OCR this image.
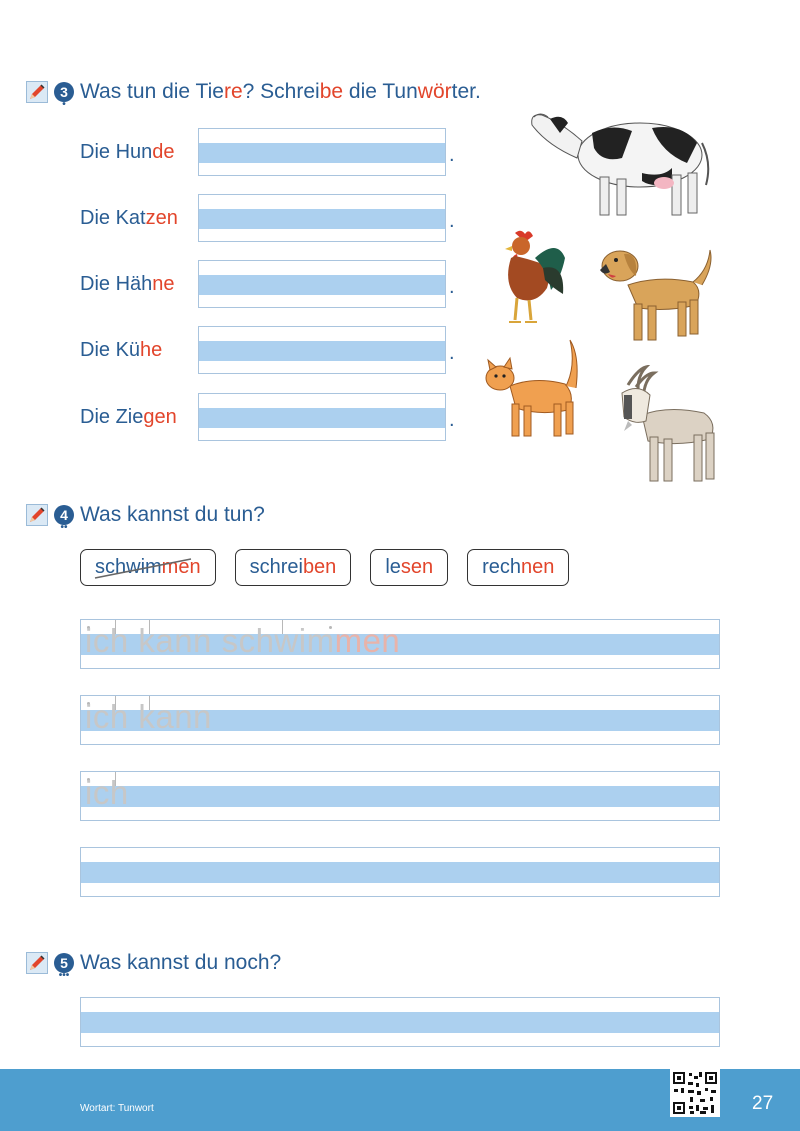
3
•
Was tun die Tiere? Schreibe die Tunwörter.
Die Hunde	.
Die Katzen	.
Die Hähne	.
Die Kühe	.
Die Ziegen	.
4
••
Was kannst du tun?
schwim men schrei ben le sen rech nen
ich kann schwimmen
ich kann
ich
5
•••
Was kannst du noch?
Wortart: Tunwort	27
